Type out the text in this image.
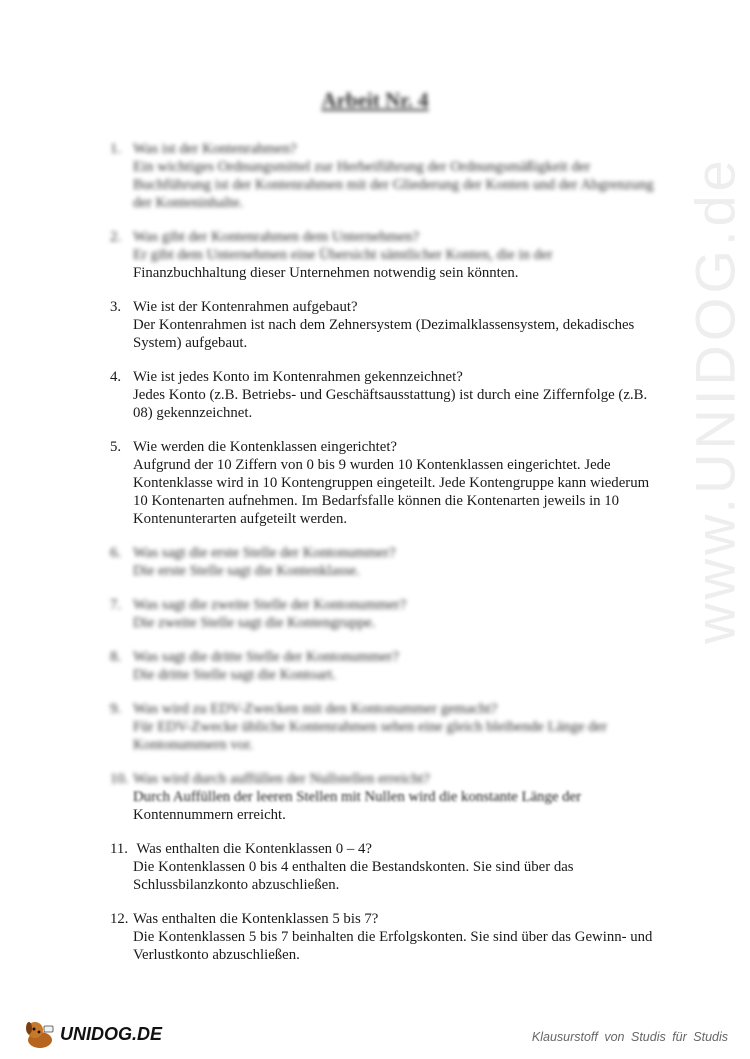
Arbeit Nr. 4
1. Was ist der Kontenrahmen?
Ein wichtiges Ordnungsmittel zur Herbeiführung der Ordnungsmäßigkeit der Buchführung ist der Kontenrahmen mit der Gliederung der Konten und der Abgrenzung der Konteninhalte.
2. Was gibt der Kontenrahmen dem Unternehmen?
Er gibt dem Unternehmen eine Übersicht sämtlicher Konten, die in der
Finanzbuchhaltung dieser Unternehmen notwendig sein könnten.
3. Wie ist der Kontenrahmen aufgebaut?
Der Kontenrahmen ist nach dem Zehnersystem (Dezimalklassensystem, dekadisches System) aufgebaut.
4. Wie ist jedes Konto im Kontenrahmen gekennzeichnet?
Jedes Konto (z.B. Betriebs- und Geschäftsausstattung) ist durch eine Ziffernfolge (z.B. 08) gekennzeichnet.
5. Wie werden die Kontenklassen eingerichtet?
Aufgrund der 10 Ziffern von 0 bis 9 wurden 10 Kontenklassen eingerichtet. Jede Kontenklasse wird in 10 Kontengruppen eingeteilt. Jede Kontengruppe kann wiederum 10 Kontenarten aufnehmen. Im Bedarfsfalle können die Kontenarten jeweils in 10 Kontenunterarten aufgeteilt werden.
6. Was sagt die erste Stelle der Kontonummer?
Die erste Stelle sagt die Kontenklasse.
7. Was sagt die zweite Stelle der Kontonummer?
Die zweite Stelle sagt die Kontengruppe.
8. Was sagt die dritte Stelle der Kontonummer?
Die dritte Stelle sagt die Kontoart.
9. Was wird zu EDV-Zwecken mit den Kontonummer gemacht?
Für EDV-Zwecke übliche Kontenrahmen sehen eine gleich bleibende Länge der Kontonummern vor.
10. Was wird durch auffüllen der Nullstellen erreicht?
Durch Auffüllen der leeren Stellen mit Nullen wird die konstante Länge der
Kontennummern erreicht.
11. Was enthalten die Kontenklassen 0 – 4?
Die Kontenklassen 0 bis 4 enthalten die Bestandskonten. Sie sind über das Schlussbilanzkonto abzuschließen.
12. Was enthalten die Kontenklassen 5 bis 7?
Die Kontenklassen 5 bis 7 beinhalten die Erfolgskonten. Sie sind über das Gewinn- und Verlustkonto abzuschließen.
www.UNIDOG.de
UNIDOG.DE	Klausurstoff von Studis für Studis
